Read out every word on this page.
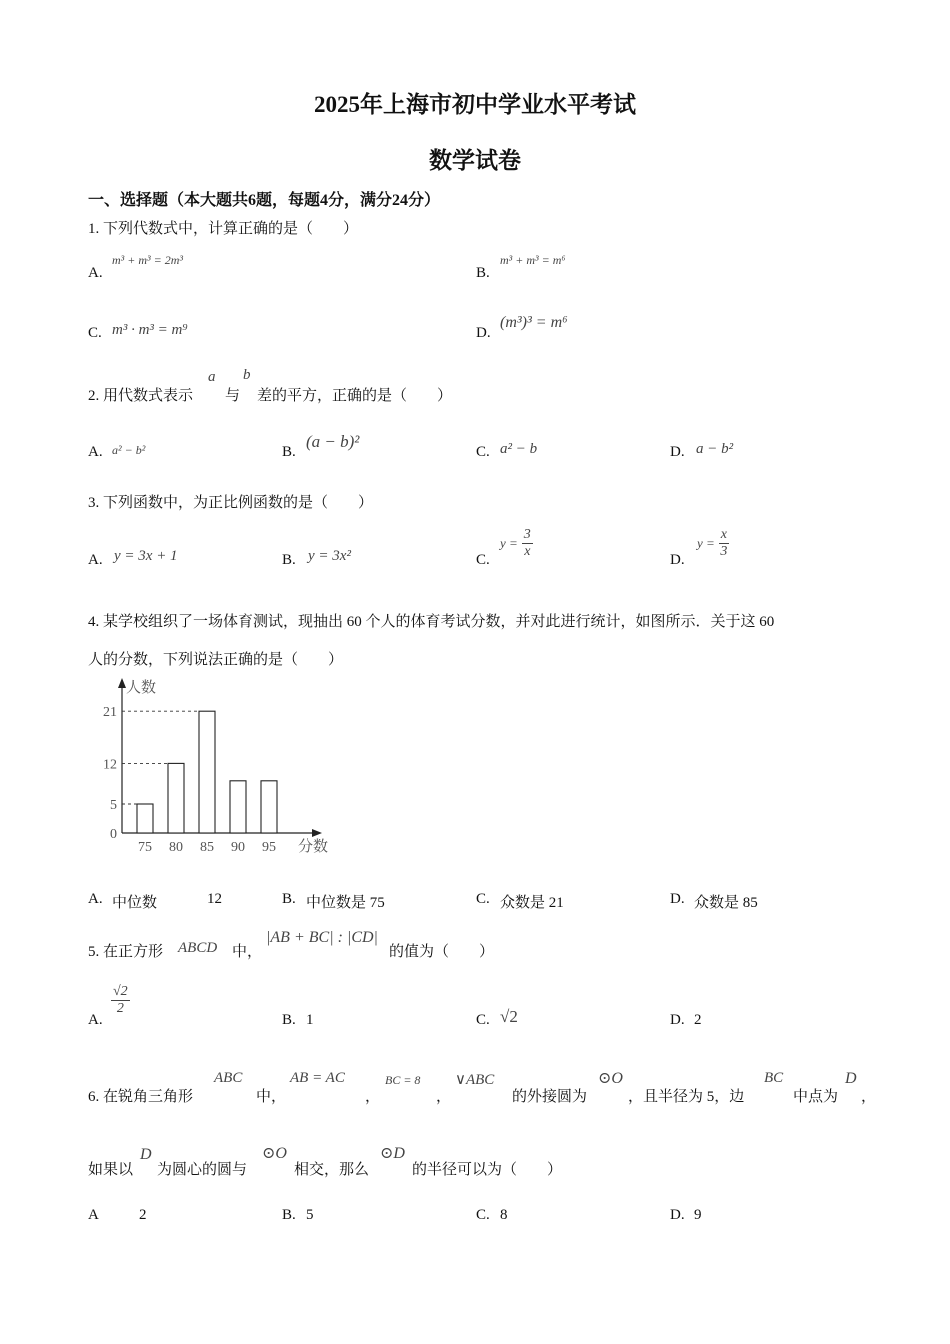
2025年上海市初中学业水平考试
数学试卷
一、选择题（本大题共6题，每题4分，满分24分）
1. 下列代数式中，计算正确的是（　　）
A.
m³ + m³ = 2m³
B.
m³ + m³ = m⁶
C. m³ · m³ = m⁹	D.
(m³)³ = m⁶
2. 用代数式表示
a
与
b
差的平方，正确的是（　　）
A. a² − b²	B.
(a − b)²
C. a² − b	D. a − b²
3. 下列函数中，为正比例函数的是（　　）
A. y = 3x + 1	B. y = 3x²	C.
$y = \frac{3}{x}$	D.
$y = \frac{x}{3}$
4. 某学校组织了一场体育测试，现抽出 60 个人的体育考试分数，并对此进行统计，如图所示．关于这 60
人的分数，下列说法正确的是（　　）
人数
分数
0
5
12
21
75 80 85 90 95
A. 中位数	12	B. 中位数是 75	C. 众数是 21	D. 众数是 85
5. 在正方形 ABCD 中，
|AB + BC| : |CD|
的值为（　　）
A.
$\frac{√2}{2}$
B. 1	C. √2	D. 2
6. 在锐角三角形
ABC
中，
AB = AC
，
BC = 8
，
∨ABC
的外接圆为
⊙O
，且半径为 5，边
BC
中点为
D
，
如果以
D
为圆心的圆与
⊙O
相交，那么
⊙D
的半径可以为（　　）
A	2	B. 5	C. 8	D. 9
